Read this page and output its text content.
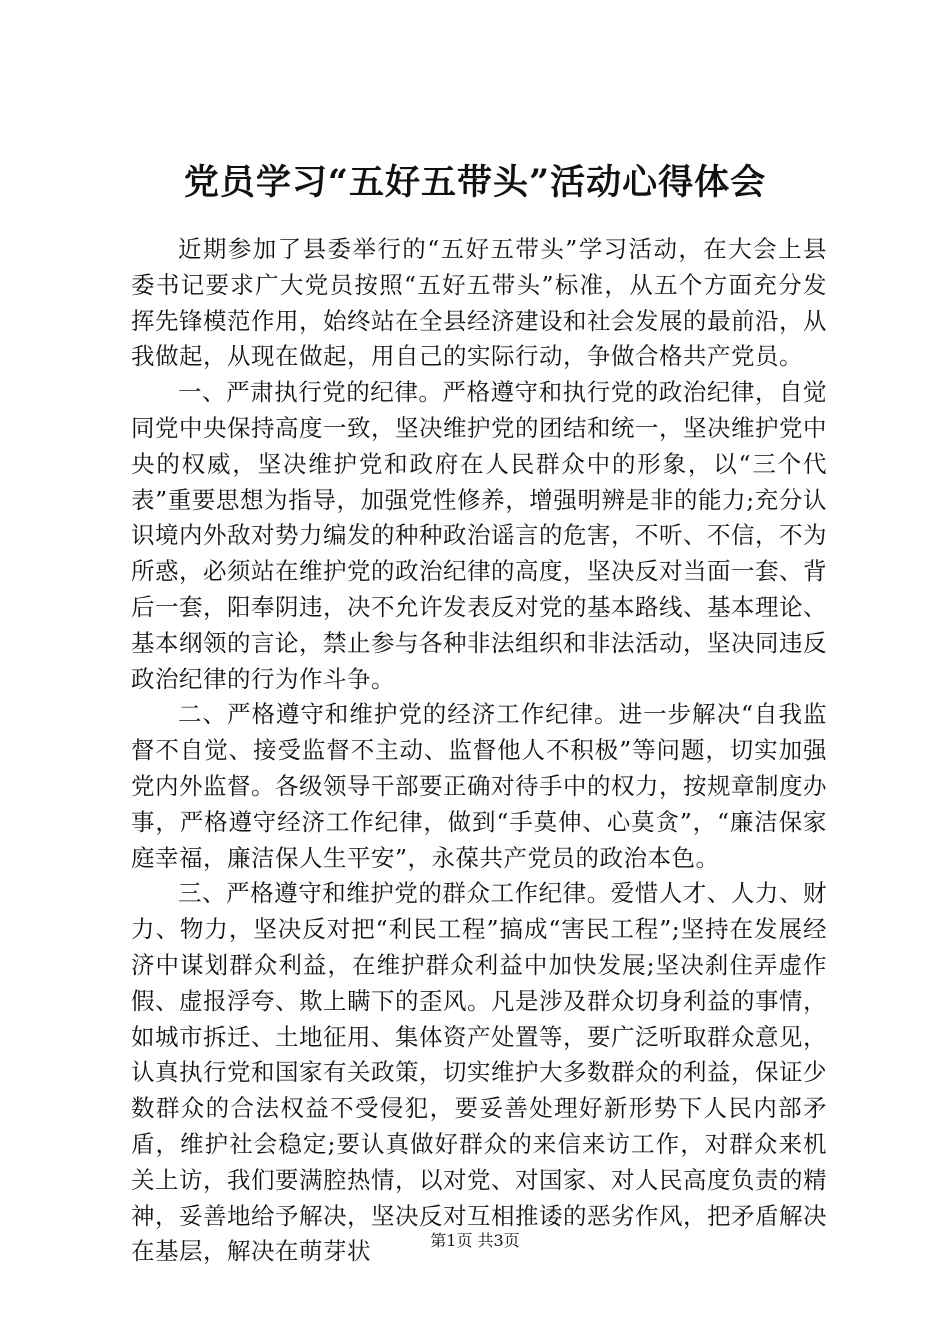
党员学习“五好五带头”活动心得体会

近期参加了县委举行的“五好五带头”学习活动，在大会上县委书记要求广大党员按照“五好五带头”标准，从五个方面充分发挥先锋模范作用，始终站在全县经济建设和社会发展的最前沿，从我做起，从现在做起，用自己的实际行动，争做合格共产党员。

一、严肃执行党的纪律。严格遵守和执行党的政治纪律，自觉同党中央保持高度一致，坚决维护党的团结和统一，坚决维护党中央的权威，坚决维护党和政府在人民群众中的形象，以“三个代表”重要思想为指导，加强党性修养，增强明辨是非的能力;充分认识境内外敌对势力编发的种种政治谣言的危害，不听、不信，不为所惑，必须站在维护党的政治纪律的高度，坚决反对当面一套、背后一套，阳奉阴违，决不允许发表反对党的基本路线、基本理论、基本纲领的言论，禁止参与各种非法组织和非法活动，坚决同违反政治纪律的行为作斗争。

二、严格遵守和维护党的经济工作纪律。进一步解决“自我监督不自觉、接受监督不主动、监督他人不积极”等问题，切实加强党内外监督。各级领导干部要正确对待手中的权力，按规章制度办事，严格遵守经济工作纪律，做到“手莫伸、心莫贪”，“廉洁保家庭幸福，廉洁保人生平安”，永葆共产党员的政治本色。

三、严格遵守和维护党的群众工作纪律。爱惜人才、人力、财力、物力，坚决反对把“利民工程”搞成“害民工程”;坚持在发展经济中谋划群众利益，在维护群众利益中加快发展;坚决刹住弄虚作假、虚报浮夸、欺上瞒下的歪风。凡是涉及群众切身利益的事情，如城市拆迁、土地征用、集体资产处置等，要广泛听取群众意见，认真执行党和国家有关政策，切实维护大多数群众的利益，保证少数群众的合法权益不受侵犯，要妥善处理好新形势下人民内部矛盾，维护社会稳定;要认真做好群众的来信来访工作，对群众来机关上访，我们要满腔热情，以对党、对国家、对人民高度负责的精神，妥善地给予解决，坚决反对互相推诿的恶劣作风，把矛盾解决在基层，解决在萌芽状	第1页 共3页
